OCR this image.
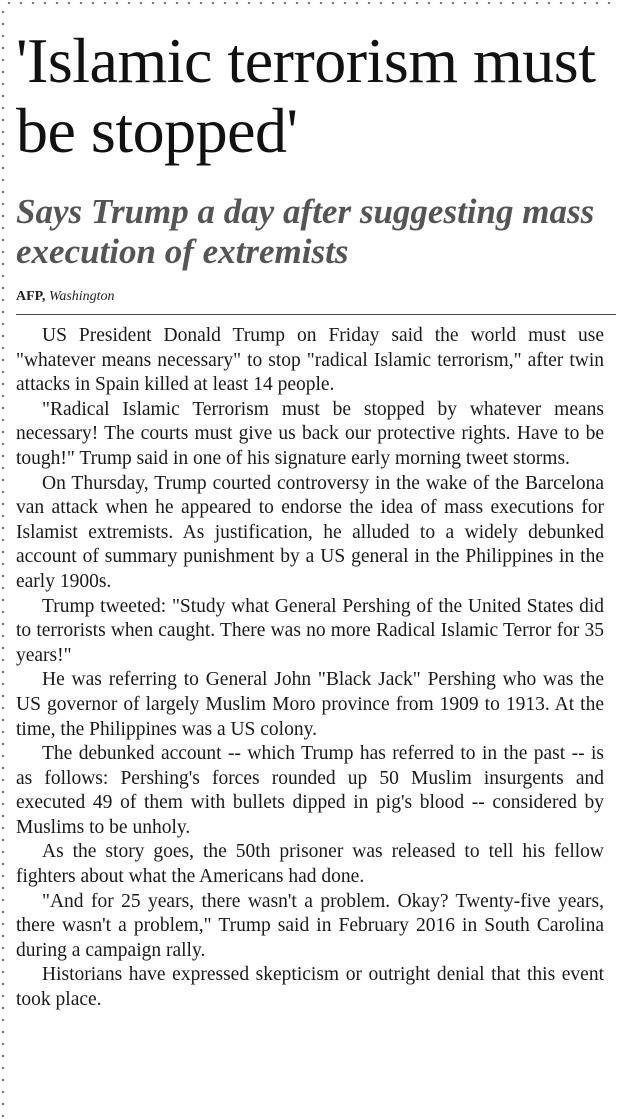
'Islamic terrorism must be stopped'
Says Trump a day after suggesting mass execution of extremists

AFP, Washington

US President Donald Trump on Friday said the world must use "whatever means necessary" to stop "radical Islamic terrorism," after twin attacks in Spain killed at least 14 people.

"Radical Islamic Terrorism must be stopped by whatever means necessary! The courts must give us back our protective rights. Have to be tough!" Trump said in one of his signature early morning tweet storms.

On Thursday, Trump courted controversy in the wake of the Barcelona van attack when he appeared to endorse the idea of mass executions for Islamist extremists. As justification, he alluded to a widely debunked account of summary punishment by a US general in the Philippines in the early 1900s.

Trump tweeted: "Study what General Pershing of the United States did to terrorists when caught. There was no more Radical Islamic Terror for 35 years!"

He was referring to General John "Black Jack" Pershing who was the US governor of largely Muslim Moro province from 1909 to 1913. At the time, the Philippines was a US colony.

The debunked account -- which Trump has referred to in the past -- is as follows: Pershing's forces rounded up 50 Muslim insurgents and executed 49 of them with bullets dipped in pig's blood -- considered by Muslims to be unholy.

As the story goes, the 50th prisoner was released to tell his fellow fighters about what the Americans had done.

"And for 25 years, there wasn't a problem. Okay? Twenty-five years, there wasn't a problem," Trump said in February 2016 in South Carolina during a campaign rally.

Historians have expressed skepticism or outright denial that this event took place.
